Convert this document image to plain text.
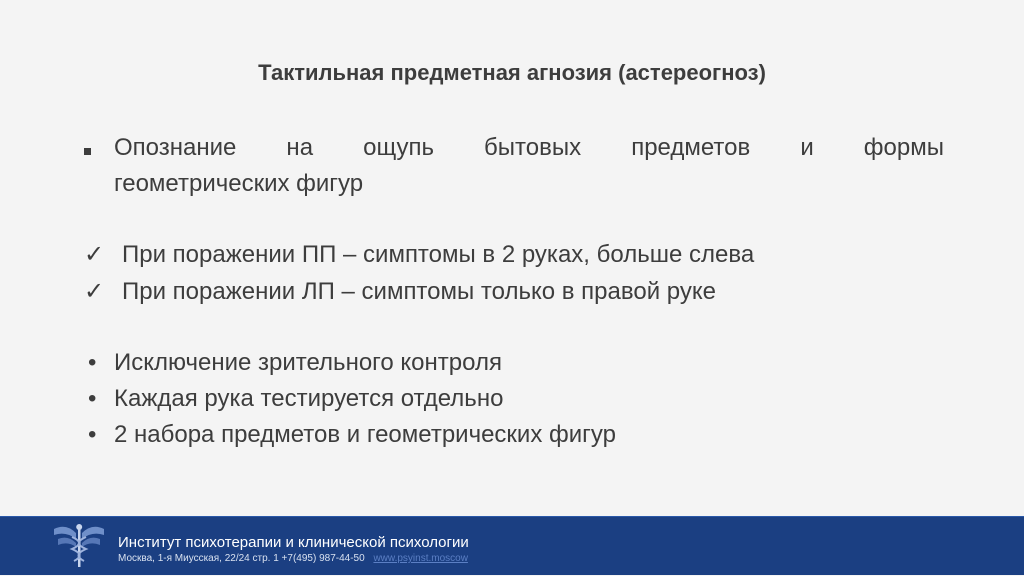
Тактильная предметная агнозия (астереогноз)
Опознание на ощупь бытовых предметов и формы
геометрических фигур
✓ При поражении ПП – симптомы в 2 руках, больше слева
✓ При поражении ЛП – симптомы только в правой руке
• Исключение зрительного контроля
• Каждая рука тестируется отдельно
• 2 набора предметов и геометрических фигур
Институт психотерапии и клинической психологии
Москва, 1-я Миусская, 22/24 стр. 1 +7(495) 987-44-50 www.psyinst.moscow
